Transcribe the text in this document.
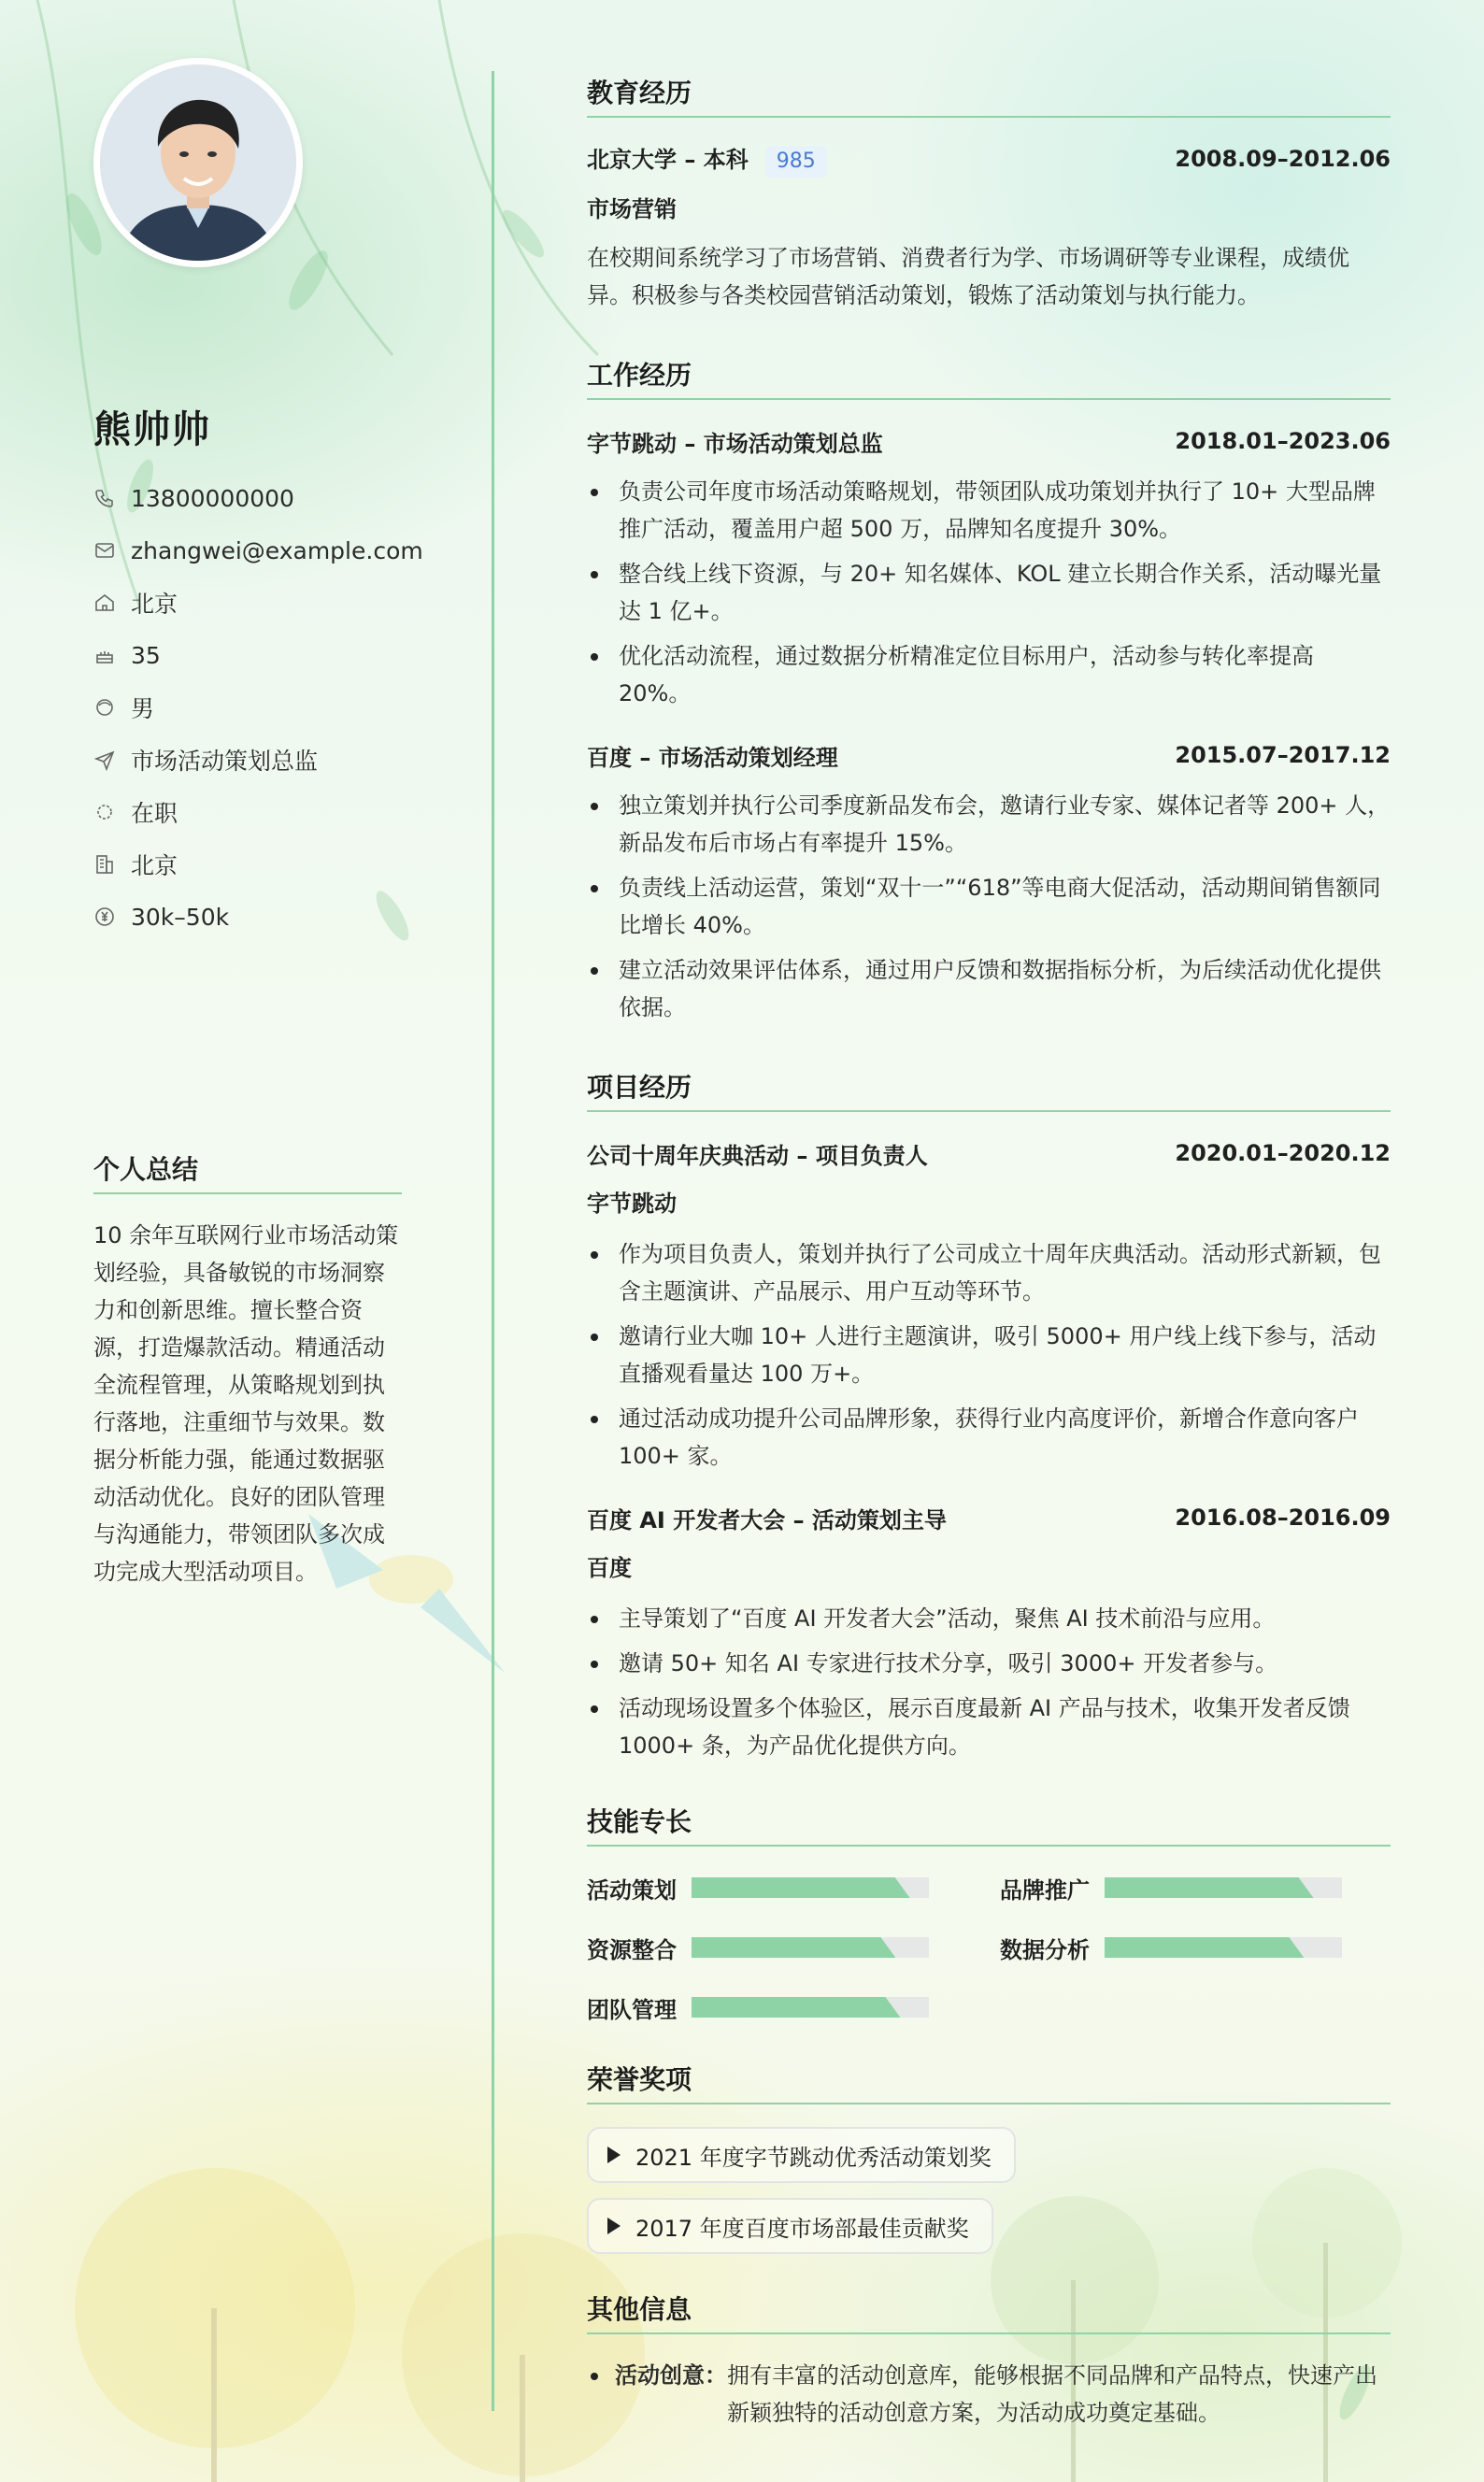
熊帅帅
13800000000
zhangwei@example.com
北京
35
男
市场活动策划总监
在职
北京
30k–50k
个人总结
10 余年互联网行业市场活动策划经验，具备敏锐的市场洞察力和创新思维。擅长整合资源，打造爆款活动。精通活动全流程管理，从策略规划到执行落地，注重细节与效果。数据分析能力强，能通过数据驱动活动优化。良好的团队管理与沟通能力，带领团队多次成功完成大型活动项目。
教育经历
北京大学 – 本科 985	2008.09–2012.06
市场营销
在校期间系统学习了市场营销、消费者行为学、市场调研等专业课程，成绩优异。积极参与各类校园营销活动策划，锻炼了活动策划与执行能力。
工作经历
字节跳动 – 市场活动策划总监	2018.01–2023.06
负责公司年度市场活动策略规划，带领团队成功策划并执行了 10+ 大型品牌推广活动，覆盖用户超 500 万，品牌知名度提升 30%。
整合线上线下资源，与 20+ 知名媒体、KOL 建立长期合作关系，活动曝光量达 1 亿+。
优化活动流程，通过数据分析精准定位目标用户，活动参与转化率提高 20%。
百度 – 市场活动策划经理	2015.07–2017.12
独立策划并执行公司季度新品发布会，邀请行业专家、媒体记者等 200+ 人，新品发布后市场占有率提升 15%。
负责线上活动运营，策划“双十一”“618”等电商大促活动，活动期间销售额同比增长 40%。
建立活动效果评估体系，通过用户反馈和数据指标分析，为后续活动优化提供依据。
项目经历
公司十周年庆典活动 – 项目负责人	2020.01–2020.12
字节跳动
作为项目负责人，策划并执行了公司成立十周年庆典活动。活动形式新颖，包含主题演讲、产品展示、用户互动等环节。
邀请行业大咖 10+ 人进行主题演讲，吸引 5000+ 用户线上线下参与，活动直播观看量达 100 万+。
通过活动成功提升公司品牌形象，获得行业内高度评价，新增合作意向客户 100+ 家。
百度 AI 开发者大会 – 活动策划主导	2016.08–2016.09
百度
主导策划了“百度 AI 开发者大会”活动，聚焦 AI 技术前沿与应用。
邀请 50+ 知名 AI 专家进行技术分享，吸引 3000+ 开发者参与。
活动现场设置多个体验区，展示百度最新 AI 产品与技术，收集开发者反馈 1000+ 条，为产品优化提供方向。
技能专长
活动策划	品牌推广
资源整合	数据分析
团队管理
荣誉奖项
2021 年度字节跳动优秀活动策划奖

2017 年度百度市场部最佳贡献奖
其他信息
活动创意： 拥有丰富的活动创意库，能够根据不同品牌和产品特点，快速产出新颖独特的活动创意方案，为活动成功奠定基础。
